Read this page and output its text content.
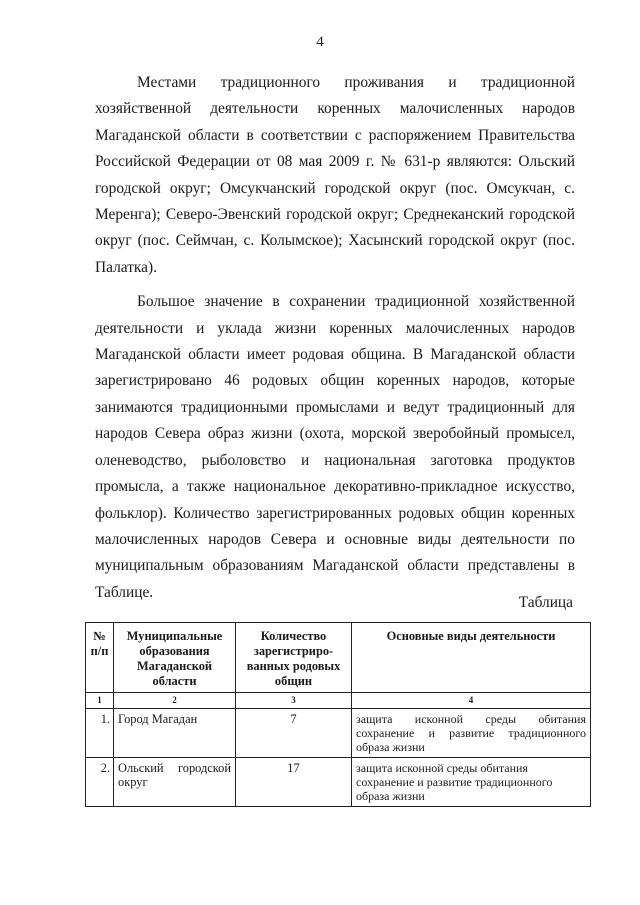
4

Местами традиционного проживания и традиционной хозяйственной деятельности коренных малочисленных народов Магаданской области в соответствии с распоряжением Правительства Российской Федерации от 08 мая 2009 г. № 631-р являются: Ольский городской округ; Омсукчанский городской округ (пос. Омсукчан, с. Меренга); Северо-Эвенский городской округ; Среднеканский городской округ (пос. Сеймчан, с. Колымское); Хасынский городской округ (пос. Палатка).

Большое значение в сохранении традиционной хозяйственной деятельности и уклада жизни коренных малочисленных народов Магаданской области имеет родовая община. В Магаданской области зарегистрировано 46 родовых общин коренных народов, которые занимаются традиционными промыслами и ведут традиционный для народов Севера образ жизни (охота, морской зверобойный промысел, оленеводство, рыболовство и национальная заготовка продуктов промысла, а также национальное декоративно-прикладное искусство, фольклор). Количество зарегистрированных родовых общин коренных малочисленных народов Севера и основные виды деятельности по муниципальным образованиям Магаданской области представлены в Таблице.

Таблица
№ п/п	Муниципальные образования Магаданской области	Количество зарегистриро-ванных родовых общин	Основные виды деятельности
1	2	3	4
1.	Город Магадан	7	защита исконной среды обитания сохранение и развитие традиционного образа жизни
2.	Ольский городской округ	17	защита исконной среды обитания сохранение и развитие традиционного образа жизни
